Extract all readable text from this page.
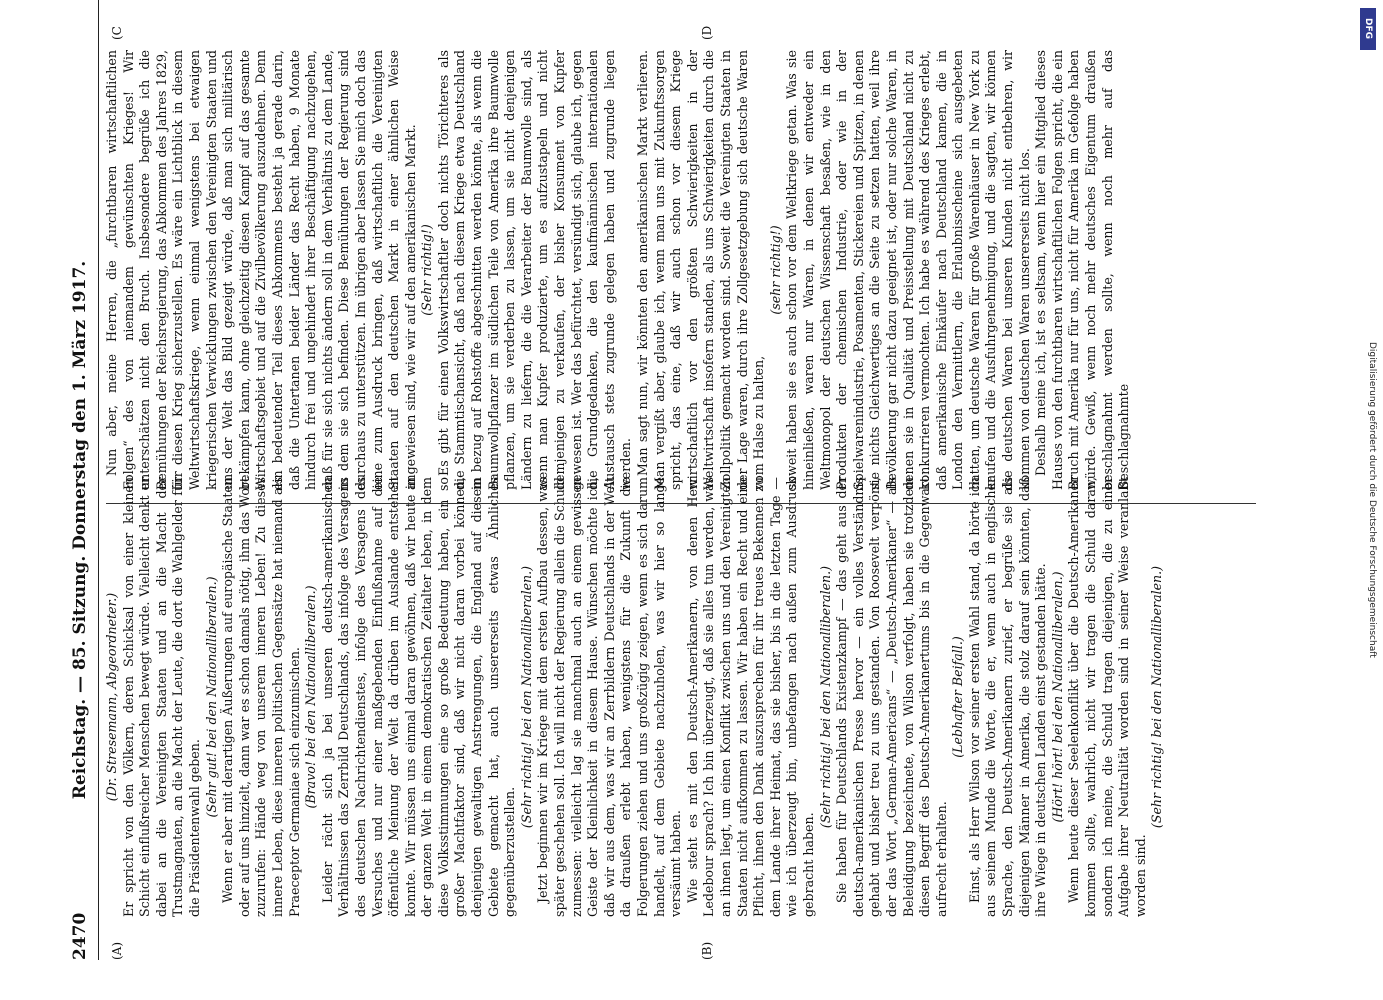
2470
Reichstag. — 85. Sitzung. Donnerstag den 1. März 1917.
(A)	(B)
(C	(D

(Dr. Stresemann, Abgeordneter.) Er spricht von den Völkern, deren Schicksal von einer kleinen Schicht einflußreicher Menschen bewegt würde. Vielleicht denkt er dabei an die Vereinigten Staaten und an die Macht der Trustmagnaten, an die Macht der Leute, die dort die Wahlgelder für die Präsidentenwahl geben.

(Sehr gut! bei den Nationalliberalen.) Wenn er aber mit derartigen Äußerungen auf europäische Staaten oder auf uns hinzielt, dann war es schon damals nötig, ihm das Wort zuzurufen: Hände weg von unserem inneren Leben! Zu dieses innere Leben, diese inneren politischen Gegensätze hat niemand als Praeceptor Germaniae sich einzumischen. (Bravo! bei den Nationalliberalen.) Leider rächt sich ja bei unseren deutsch-amerikanischen Verhältnissen das Zerrbild Deutschlands, das infolge des Versagens des deutschen Nachrichtendienstes, infolge des Versagens des Versuches und nur einer maßgebenden Einflußnahme auf die öffentliche Meinung der Welt da drüben im Auslande entstehen konnte. Wir müssen uns einmal daran gewöhnen, daß wir heute in der ganzen Welt in einem demokratischen Zeitalter leben, in dem diese Volksstimmungen eine so große Bedeutung haben, ein so großer Machtfaktor sind, daß wir nicht daran vorbei können, denjenigen gewaltigen Anstrengungen, die England auf diesem Gebiete gemacht hat, auch unsererseits etwas Ähnliches gegenüberzustellen.

(Sehr richtig! bei den Nationalliberalen.) Jetzt beginnen wir im Kriege mit dem ersten Aufbau dessen, was später geschehen soll. Ich will nicht der Regierung allein die Schuld zumessen: vielleicht lag sie manchmal auch an einem gewissen Geiste der Kleinlichkeit in diesem Hause. Wünschen möchte ich, daß wir aus dem, was wir an Zerrbildern Deutschlands in der Welt da draußen erlebt haben, wenigstens für die Zukunft die Folgerungen ziehen und uns großzügig zeigen, wenn es sich darum handelt, auf dem Gebiete nachzuholen, was wir hier so lange versäumt haben. Wie steht es mit den Deutsch-Amerikanern, von denen Herr Ledebour sprach? Ich bin überzeugt, daß sie alles tun werden, was an ihnen liegt, um einen Konflikt zwischen uns und den Vereinigten Staaten nicht aufkommen zu lassen. Wir haben ein Recht und eine Pflicht, ihnen den Dank auszusprechen für ihr treues Bekennen zu dem Lande ihrer Heimat, das sie bisher, bis in die letzten Tage — wie ich überzeugt bin, unbefangen nach außen zum Ausdruck gebracht haben.

(Sehr richtig! bei den Nationalliberalen.) Sie haben für Deutschlands Existenzkampf — das geht aus der deutsch-amerikanischen Presse hervor — ein volles Verständnis gehabt und bisher treu zu uns gestanden. Von Roosevelt verpönt, der das Wort „German-Americans“ — „Deutsch-Amerikaner“ — als Beleidigung bezeichnete, von Wilson verfolgt, haben sie trotzdem diesen Begriff des Deutsch-Amerikanertums bis in die Gegenwart aufrecht erhalten.

(Lebhafter Beifall.) Einst, als Herr Wilson vor seiner ersten Wahl stand, da hörte ich aus seinem Munde die Worte, die er, wenn auch in englischer Sprache, den Deutsch-Amerikanern zurief, er begrüße sie als diejenigen Männer in Amerika, die stolz darauf sein könnten, daß ihre Wiege in deutschen Landen einst gestanden hätte. (Hört! hört! bei den Nationalliberalen.) Wenn heute dieser Seelenkonflikt über die Deutsch-Amerikaner kommen sollte, wahrlich, nicht wir tragen die Schuld daran, sondern ich meine, die Schuld tragen diejenigen, die zu einer Aufgabe ihrer Neutralität worden sind in seiner Weise veranlaßt worden sind.

(Sehr richtig! bei den Nationalliberalen.)

Nun aber, meine Herren, die „furchtbaren wirtschaftlichen Folgen“ des von niemandem gewünschten Krieges! Wir unterschätzen nicht den Bruch. Insbesondere begrüße ich die Bemühungen der Reichsregierung, das Abkommen des Jahres 1829, für diesen Krieg sicherzustellen. Es wäre ein Lichtblick in diesem Weltwirtschaftskriege, wenn einmal wenigstens bei etwaigen kriegerischen Verwicklungen zwischen den Vereinigten Staaten und uns der Welt das Bild gezeigt würde, daß man sich militärisch bekämpfen kann, ohne gleichzeitig diesen Kampf auf das gesamte Wirtschaftsgebiet und auf die Zivilbevölkerung auszudehnen. Denn ein bedeutender Teil dieses Abkommens besteht ja gerade darin, daß die Untertanen beider Länder das Recht haben, 9 Monate hindurch frei und ungehindert ihrer Beschäftigung nachzugehen, daß für sie sich nichts ändern soll in dem Verhältnis zu dem Lande, in dem sie sich befinden. Diese Bemühungen der Regierung sind durchaus zu unterstützen. Im übrigen aber lassen Sie mich doch das eine zum Ausdruck bringen, daß wirtschaftlich die Vereinigten Staaten auf den deutschen Markt in einer ähnlichen Weise angewiesen sind, wie wir auf den amerikanischen Markt. (Sehr richtig!) Es gibt für einen Volkswirtschaftler doch nichts Törichteres als die Stammtischansicht, daß nach diesem Kriege etwa Deutschland in bezug auf Rohstoffe abgeschnitten werden könnte, als wenn die Baumwollpflanzer im südlichen Teile von Amerika ihre Baumwolle pflanzen, um sie verderben zu lassen, um sie nicht denjenigen Ländern zu liefern, die die Verarbeiter der Baumwolle sind, als wenn man Kupfer produzierte, um es aufzustapeln und nicht demjenigen zu verkaufen, der bisher Konsument von Kupfer gewesen ist. Wer das befürchtet, versündigt sich, glaube ich, gegen die Grundgedanken, die den kaufmännischen internationalen Austausch stets zugrunde gelegen haben und zugrunde liegen werden. Man sagt nun, wir könnten den amerikanischen Markt verlieren. Man vergißt aber, glaube ich, wenn man uns mit Zukunftssorgen spricht, das eine, daß wir auch schon vor diesem Kriege wirtschaftlich vor den größten Schwierigkeiten in der Weltwirtschaft insofern standen, als uns Schwierigkeiten durch die Zollpolitik gemacht worden sind. Soweit die Vereinigten Staaten in der Lage waren, durch ihre Zollgesetzgebung sich deutsche Waren vom Halse zu halten,

(sehr richtig!) soweit haben sie es auch schon vor dem Weltkriege getan. Was sie hineinließen, waren nur Waren, in denen wir entweder ein Weltmonopol der deutschen Wissenschaft besaßen, wie in den Produkten der chemischen Industrie, oder wie in der Spielwarenindustrie, Posamenten, Stickereien und Spitzen, in denen sie nichts Gleichwertiges an die Seite zu setzen hatten, weil ihre Bevölkerung gar nicht dazu geeignet ist, oder nur solche Waren, in denen sie in Qualität und Preisstellung mit Deutschland nicht zu konkurrieren vermochten. Ich habe es während des Krieges erlebt, daß amerikanische Einkäufer nach Deutschland kamen, die in London den Vermittlern, die Erlaubnisscheine sich ausgebeten hatten, um deutsche Waren für große Warenhäuser in New York zu kaufen und die Ausfuhrgenehmigung, und die sagten, wir können die deutschen Waren bei unseren Kunden nicht entbehren, wir kommen von deutschen Waren unsererseits nicht los. Deshalb meine ich, ist es seltsam, wenn hier ein Mitglied dieses Hauses von den furchtbaren wirtschaftlichen Folgen spricht, die ein Bruch mit Amerika nur für uns, nicht für Amerika im Gefolge haben würde. Gewiß, wenn noch mehr deutsches Eigentum draußen beschlagnahmt werden sollte, wenn noch mehr auf das Beschlagnahmte

DFG
Digitalisierung gefördert durch die Deutsche Forschungsgemeinschaft
